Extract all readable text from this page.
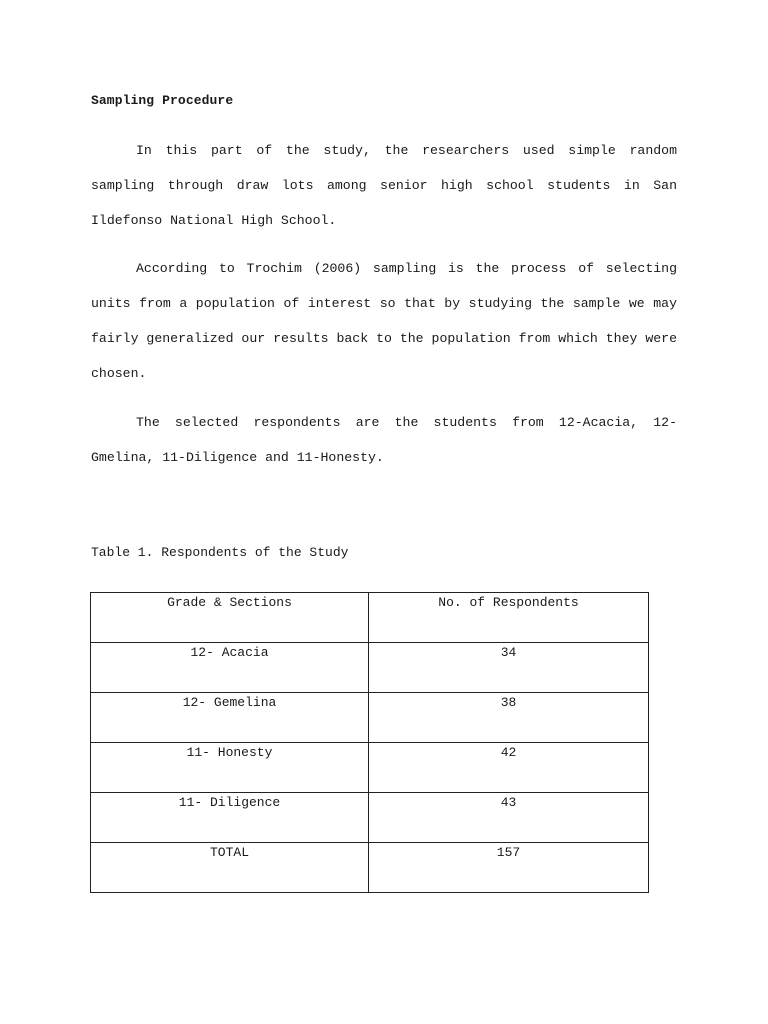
Sampling Procedure

In this part of the study, the researchers used simple random sampling through draw lots among senior high school students in San Ildefonso National High School.

According to Trochim (2006) sampling is the process of selecting units from a population of interest so that by studying the sample we may fairly generalized our results back to the population from which they were chosen.

The selected respondents are the students from 12-Acacia, 12-Gmelina, 11-Diligence and 11-Honesty.

Table 1. Respondents of the Study
Grade & Sections	No. of Respondents

12- Acacia	34

12- Gemelina	38

11- Honesty	42

11- Diligence	43

TOTAL	157
